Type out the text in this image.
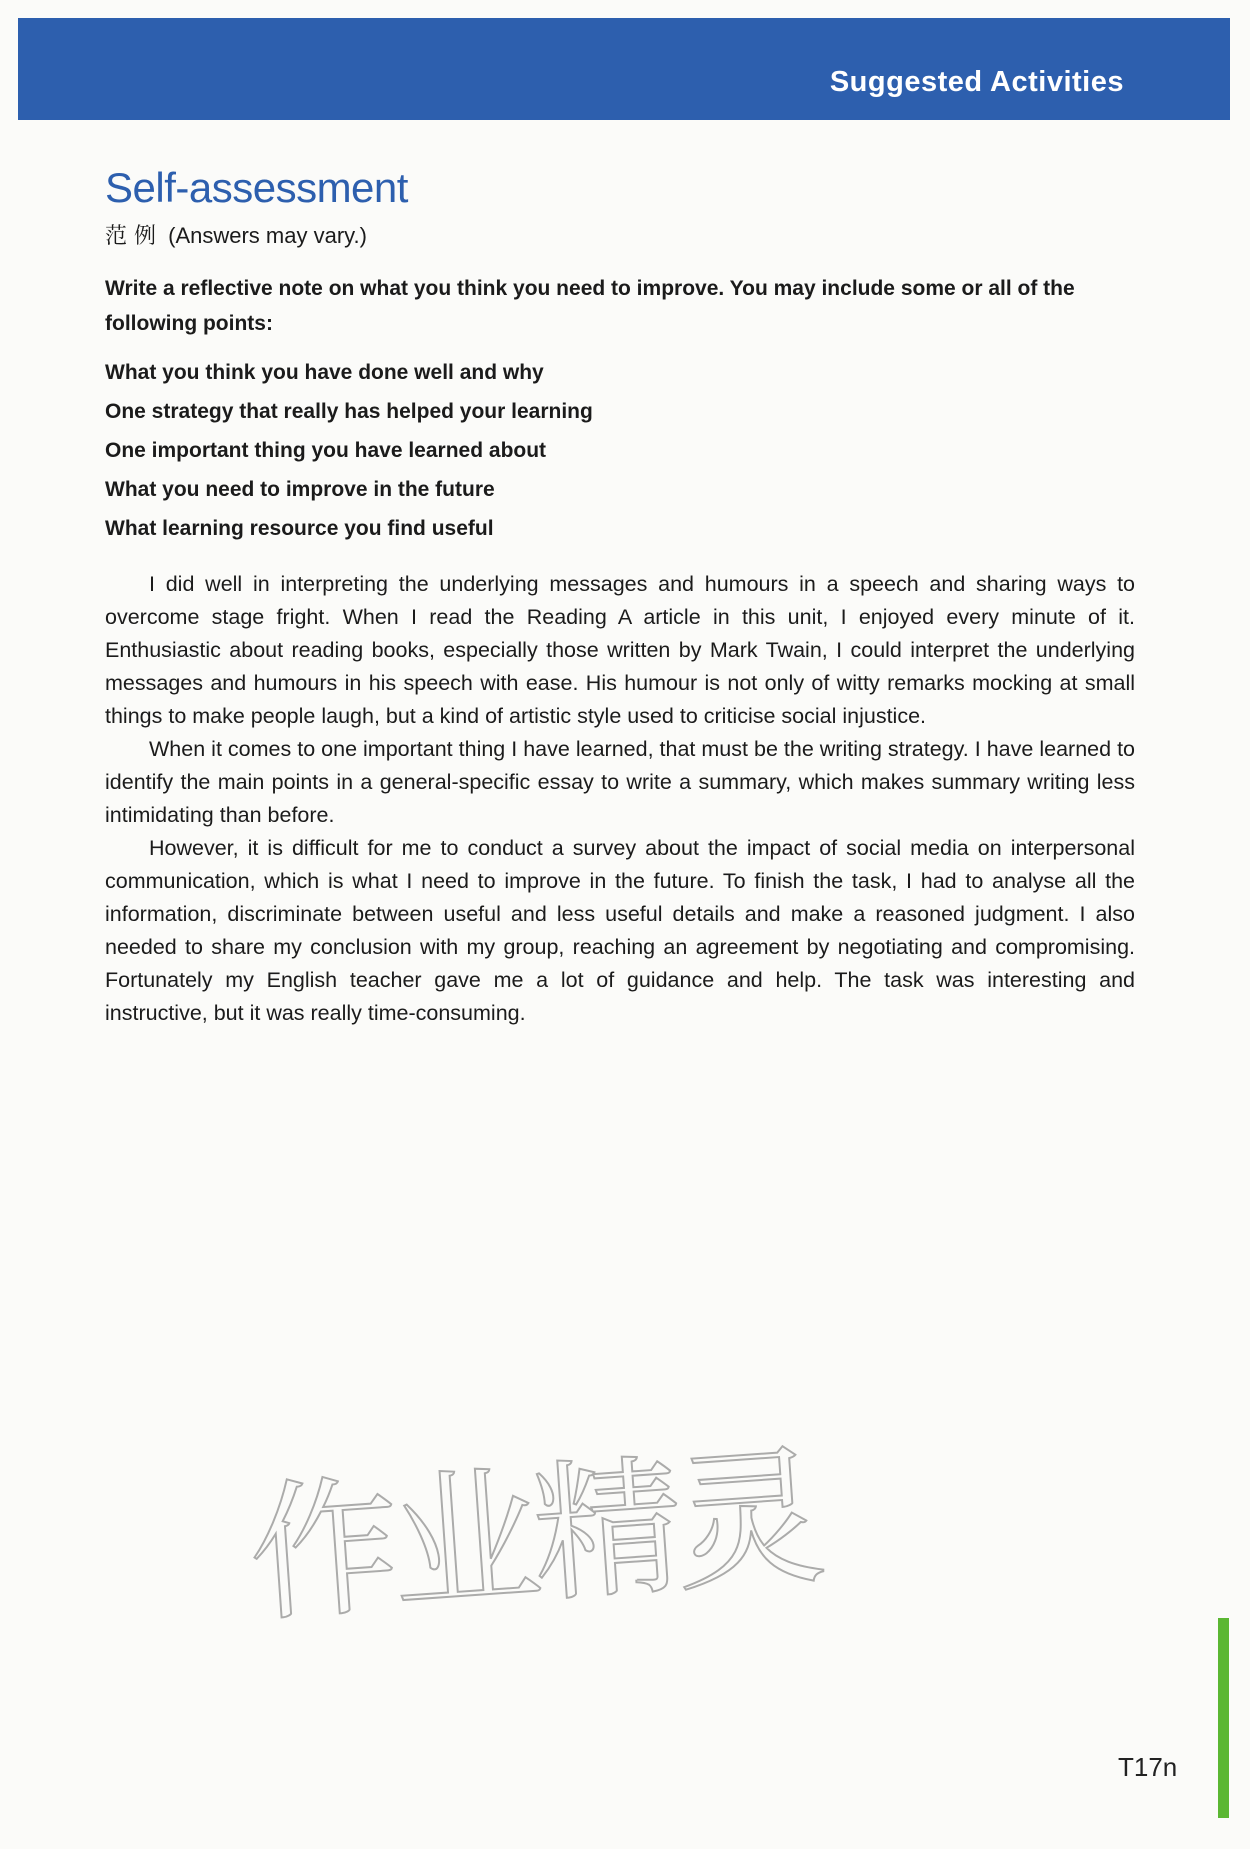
Suggested Activities
Self-assessment
范 例 (Answers may vary.)
Write a reflective note on what you think you need to improve. You may include some or all of the following points:
What you think you have done well and why
One strategy that really has helped your learning
One important thing you have learned about
What you need to improve in the future
What learning resource you find useful

I did well in interpreting the underlying messages and humours in a speech and sharing ways to overcome stage fright. When I read the Reading A article in this unit, I enjoyed every minute of it. Enthusiastic about reading books, especially those written by Mark Twain, I could interpret the underlying messages and humours in his speech with ease. His humour is not only of witty remarks mocking at small things to make people laugh, but a kind of artistic style used to criticise social injustice.

When it comes to one important thing I have learned, that must be the writing strategy. I have learned to identify the main points in a general-specific essay to write a summary, which makes summary writing less intimidating than before.

However, it is difficult for me to conduct a survey about the impact of social media on interpersonal communication, which is what I need to improve in the future. To finish the task, I had to analyse all the information, discriminate between useful and less useful details and make a reasoned judgment. I also needed to share my conclusion with my group, reaching an agreement by negotiating and compromising. Fortunately my English teacher gave me a lot of guidance and help. The task was interesting and instructive, but it was really time-consuming.

作业精灵
T17n
